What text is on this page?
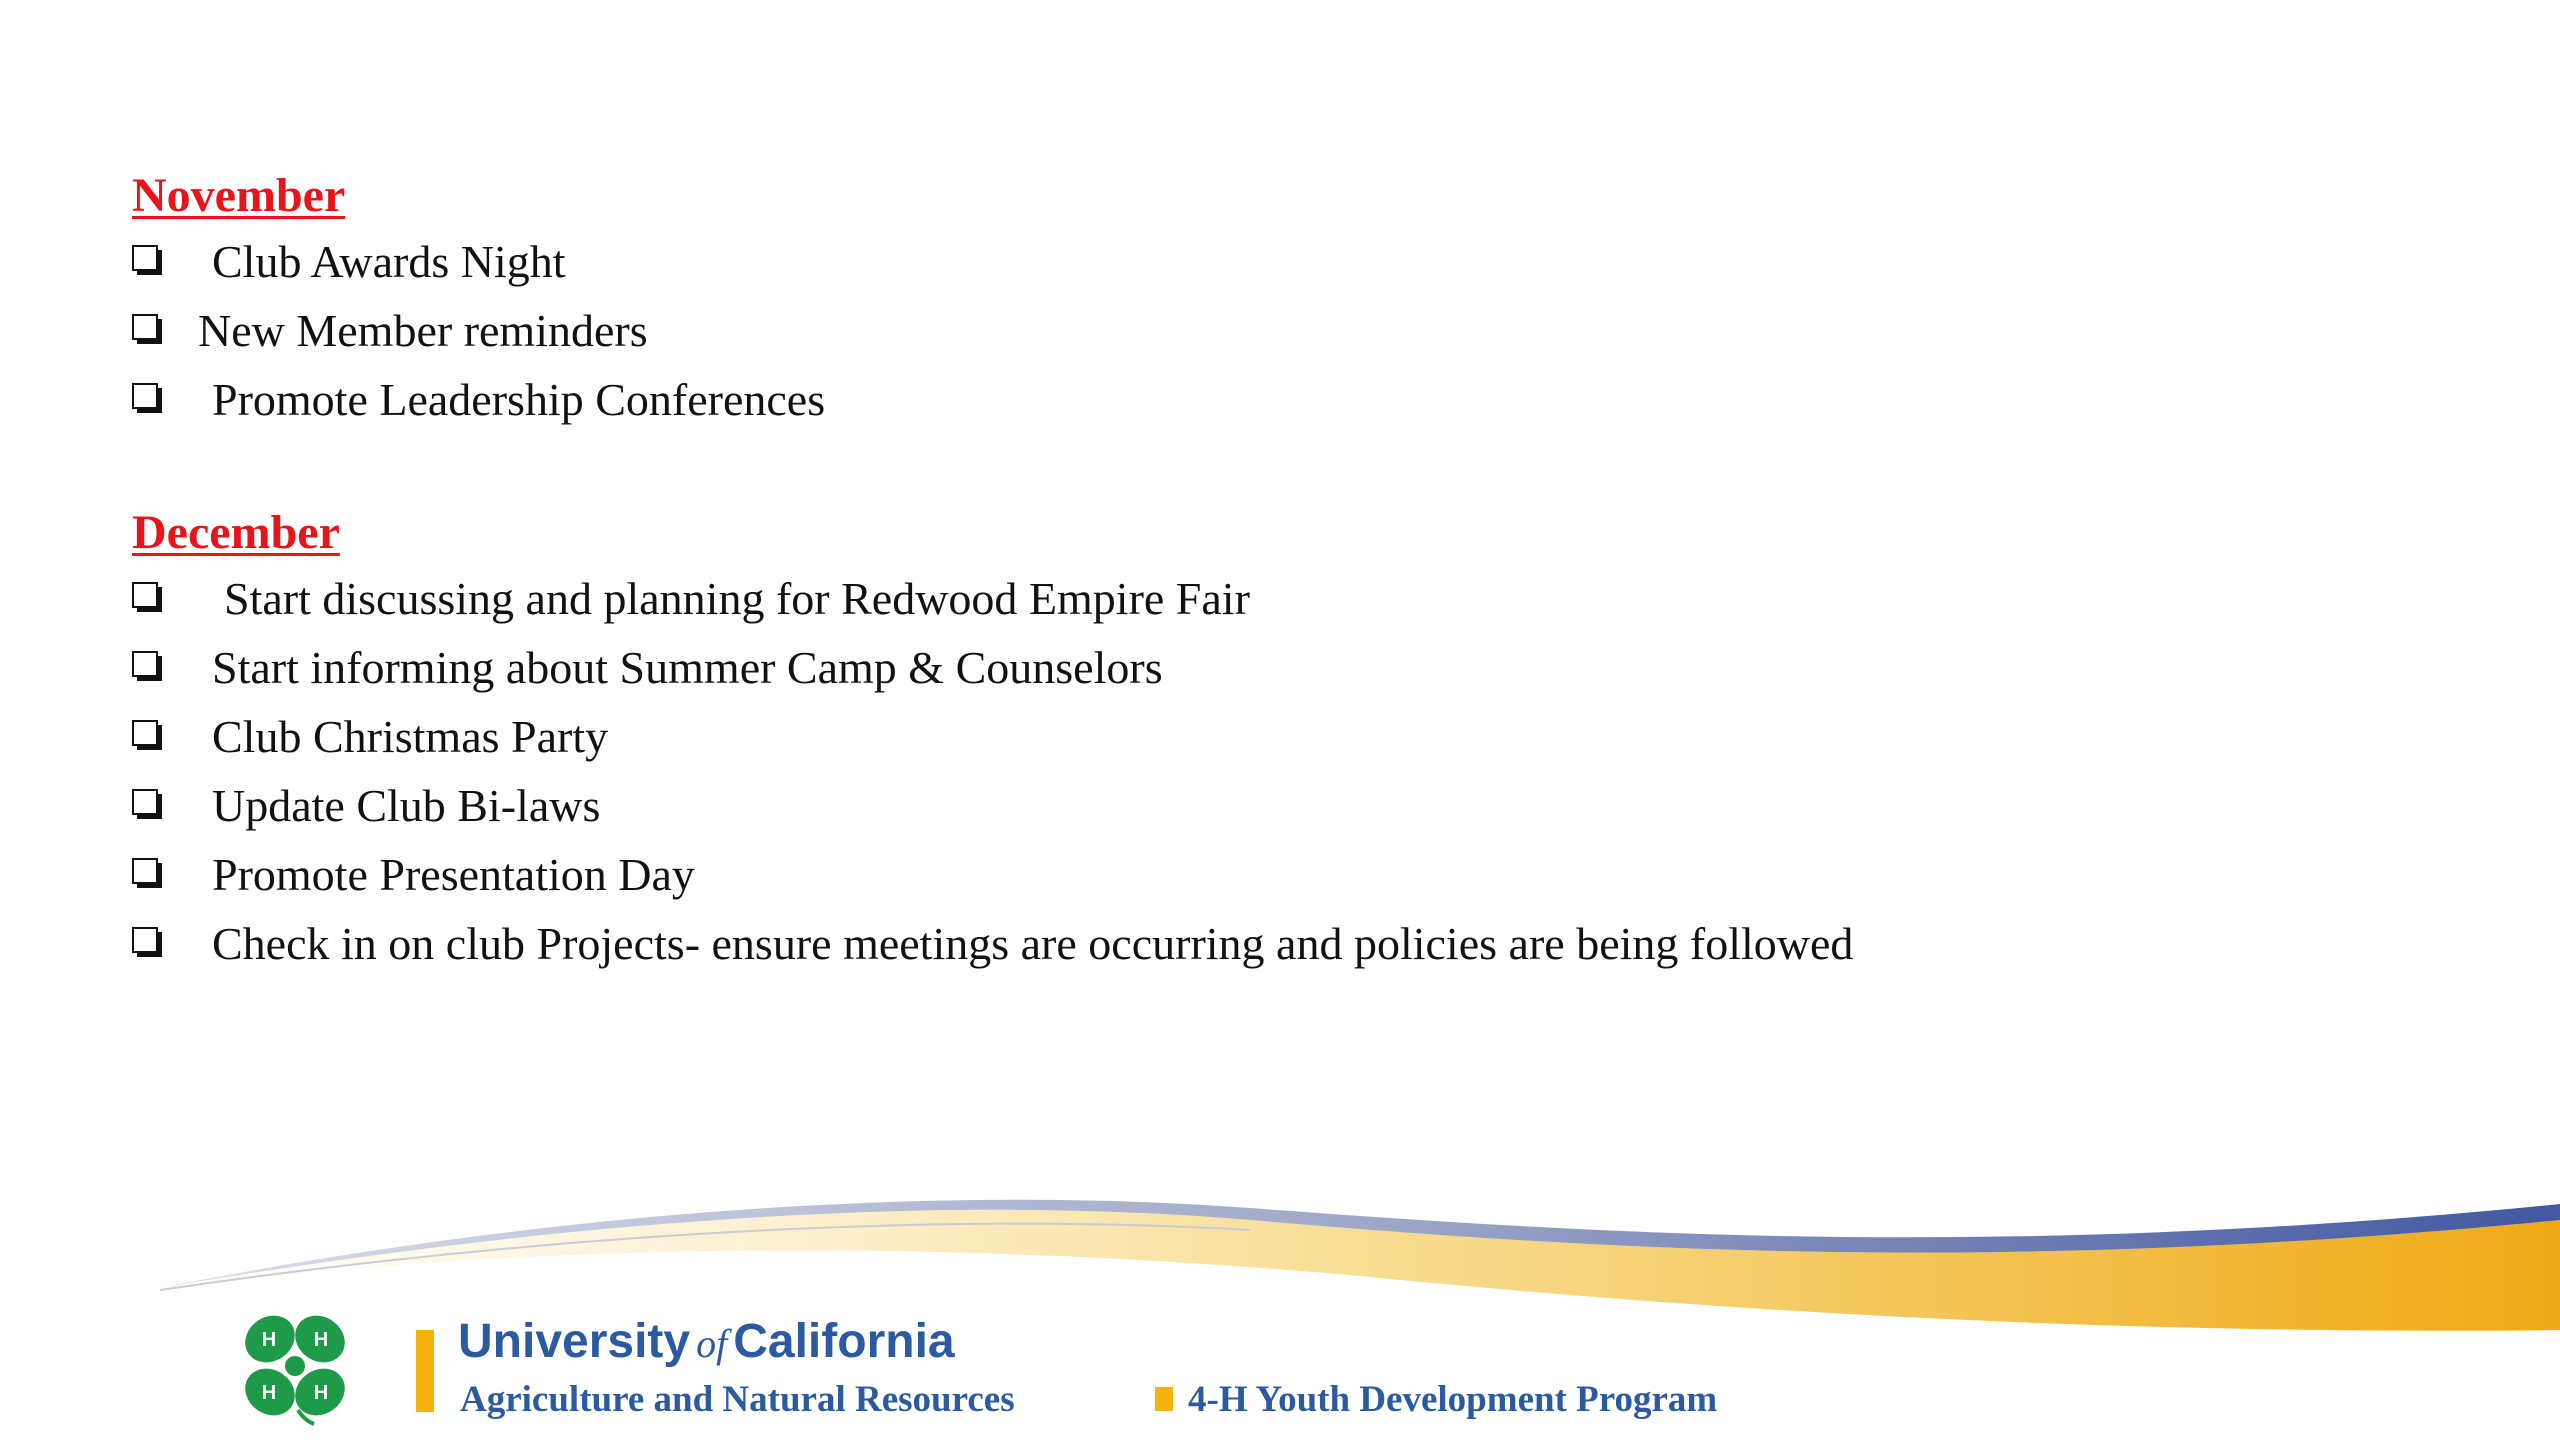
November
Club Awards Night
New Member reminders
Promote Leadership Conferences
December
Start discussing and planning for Redwood Empire Fair
Start informing about Summer Camp & Counselors
Club Christmas Party
Update Club Bi-laws
Promote Presentation Day
Check in on club Projects- ensure meetings are occurring and policies are being followed
H H
H H
University of California
Agriculture and Natural Resources	4-H Youth Development Program
